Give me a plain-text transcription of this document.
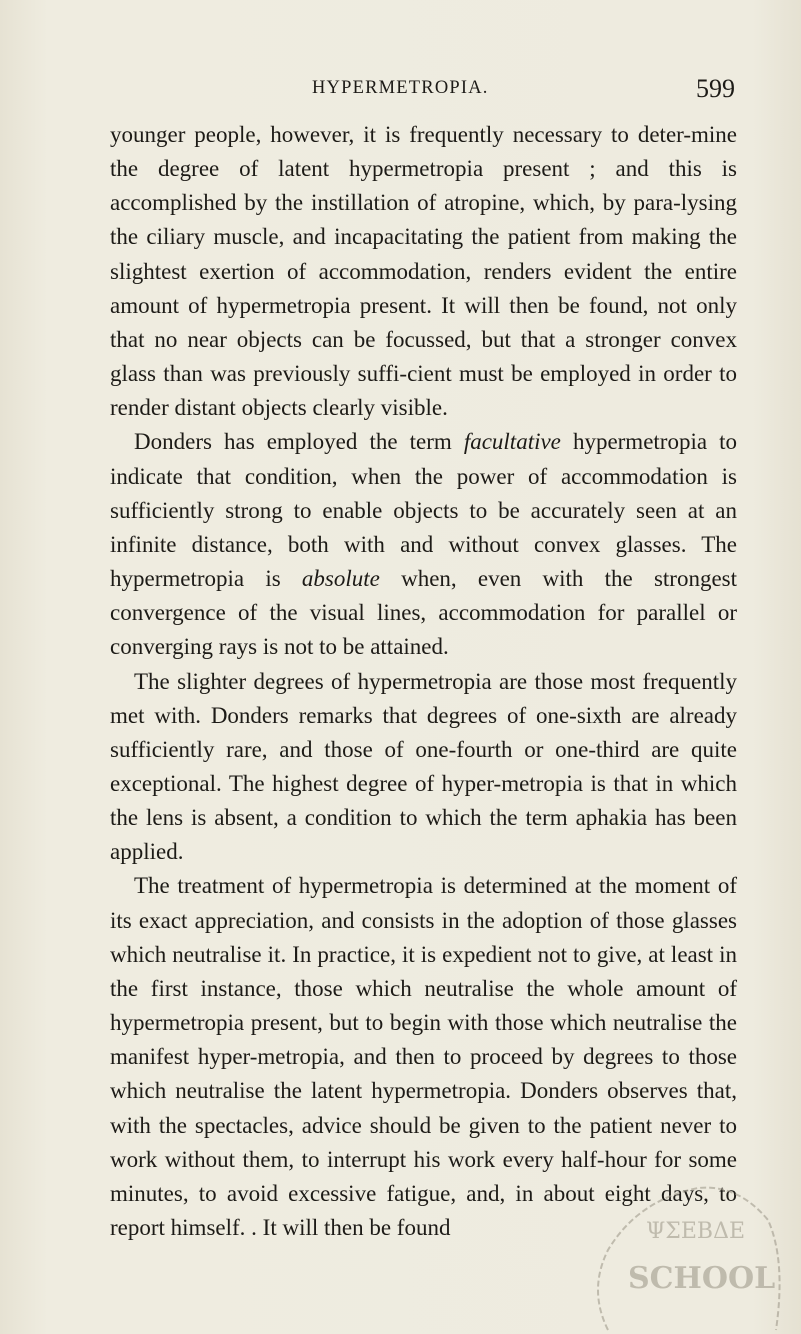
HYPERMETROPIA.	599

younger people, however, it is frequently necessary to deter-mine the degree of latent hypermetropia present ; and this is accomplished by the instillation of atropine, which, by para-lysing the ciliary muscle, and incapacitating the patient from making the slightest exertion of accommodation, renders evident the entire amount of hypermetropia present. It will then be found, not only that no near objects can be focussed, but that a stronger convex glass than was previously suffi-cient must be employed in order to render distant objects clearly visible.

Donders has employed the term facultative hypermetropia to indicate that condition, when the power of accommodation is sufficiently strong to enable objects to be accurately seen at an infinite distance, both with and without convex glasses. The hypermetropia is absolute when, even with the strongest convergence of the visual lines, accommodation for parallel or converging rays is not to be attained.

The slighter degrees of hypermetropia are those most frequently met with. Donders remarks that degrees of one-sixth are already sufficiently rare, and those of one-fourth or one-third are quite exceptional. The highest degree of hyper-metropia is that in which the lens is absent, a condition to which the term aphakia has been applied.

The treatment of hypermetropia is determined at the moment of its exact appreciation, and consists in the adoption of those glasses which neutralise it. In practice, it is expedient not to give, at least in the first instance, those which neutralise the whole amount of hypermetropia present, but to begin with those which neutralise the manifest hyper-metropia, and then to proceed by degrees to those which neutralise the latent hypermetropia. Donders observes that, with the spectacles, advice should be given to the patient never to work without them, to interrupt his work every half-hour for some minutes, to avoid excessive fatigue, and, in about eight days, to report himself. . It will then be found	ΨΣΕΒΔΕ
SCHOOL
